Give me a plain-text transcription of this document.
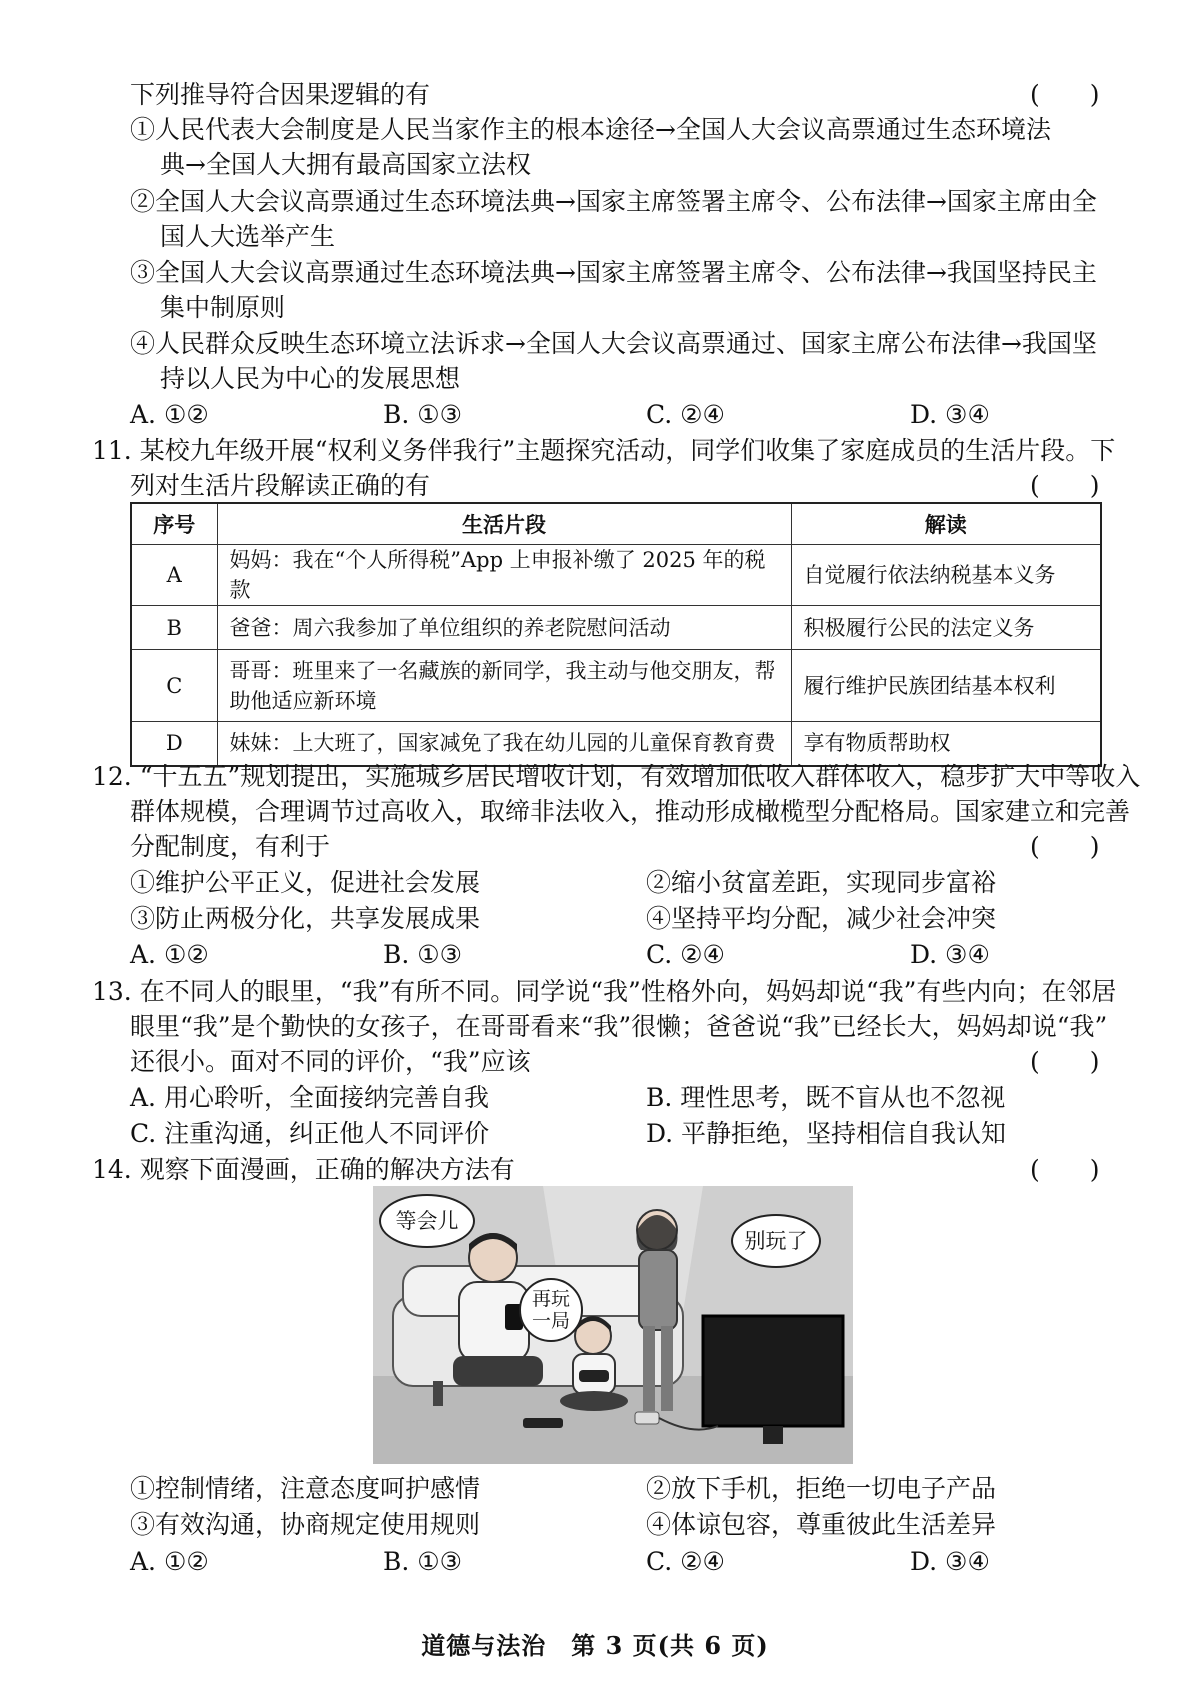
下列推导符合因果逻辑的有	(　　)
①人民代表大会制度是人民当家作主的根本途径→全国人大会议高票通过生态环境法
典→全国人大拥有最高国家立法权
②全国人大会议高票通过生态环境法典→国家主席签署主席令、公布法律→国家主席由全
国人大选举产生
③全国人大会议高票通过生态环境法典→国家主席签署主席令、公布法律→我国坚持民主
集中制原则
④人民群众反映生态环境立法诉求→全国人大会议高票通过、国家主席公布法律→我国坚
持以人民为中心的发展思想
A. ①②	B. ①③	C. ②④	D. ③④
11. 某校九年级开展“权利义务伴我行”主题探究活动，同学们收集了家庭成员的生活片段。下
列对生活片段解读正确的有	(　　)
序号	生活片段	解读
A	妈妈：我在“个人所得税”App 上申报补缴了 2025 年的税款	自觉履行依法纳税基本义务
B	爸爸：周六我参加了单位组织的养老院慰问活动	积极履行公民的法定义务
C	哥哥：班里来了一名藏族的新同学，我主动与他交朋友，帮助他适应新环境	履行维护民族团结基本权利
D	妹妹：上大班了，国家减免了我在幼儿园的儿童保育教育费	享有物质帮助权
12. “十五五”规划提出，实施城乡居民增收计划，有效增加低收入群体收入，稳步扩大中等收入
群体规模，合理调节过高收入，取缔非法收入，推动形成橄榄型分配格局。国家建立和完善
分配制度，有利于	(　　)
①维护公平正义，促进社会发展	②缩小贫富差距，实现同步富裕
③防止两极分化，共享发展成果	④坚持平均分配，减少社会冲突
A. ①②	B. ①③	C. ②④	D. ③④
13. 在不同人的眼里，“我”有所不同。同学说“我”性格外向，妈妈却说“我”有些内向；在邻居
眼里“我”是个勤快的女孩子，在哥哥看来“我”很懒；爸爸说“我”已经长大，妈妈却说“我”
还很小。面对不同的评价，“我”应该	(　　)
A. 用心聆听，全面接纳完善自我	B. 理性思考，既不盲从也不忽视
C. 注重沟通，纠正他人不同评价	D. 平静拒绝，坚持相信自我认知
14. 观察下面漫画，正确的解决方法有	(　　)
等会儿
别玩了
再玩
一局
①控制情绪，注意态度呵护感情	②放下手机，拒绝一切电子产品
③有效沟通，协商规定使用规则	④体谅包容，尊重彼此生活差异
A. ①②	B. ①③	C. ②④	D. ③④
道德与法治　第 3 页(共 6 页)
